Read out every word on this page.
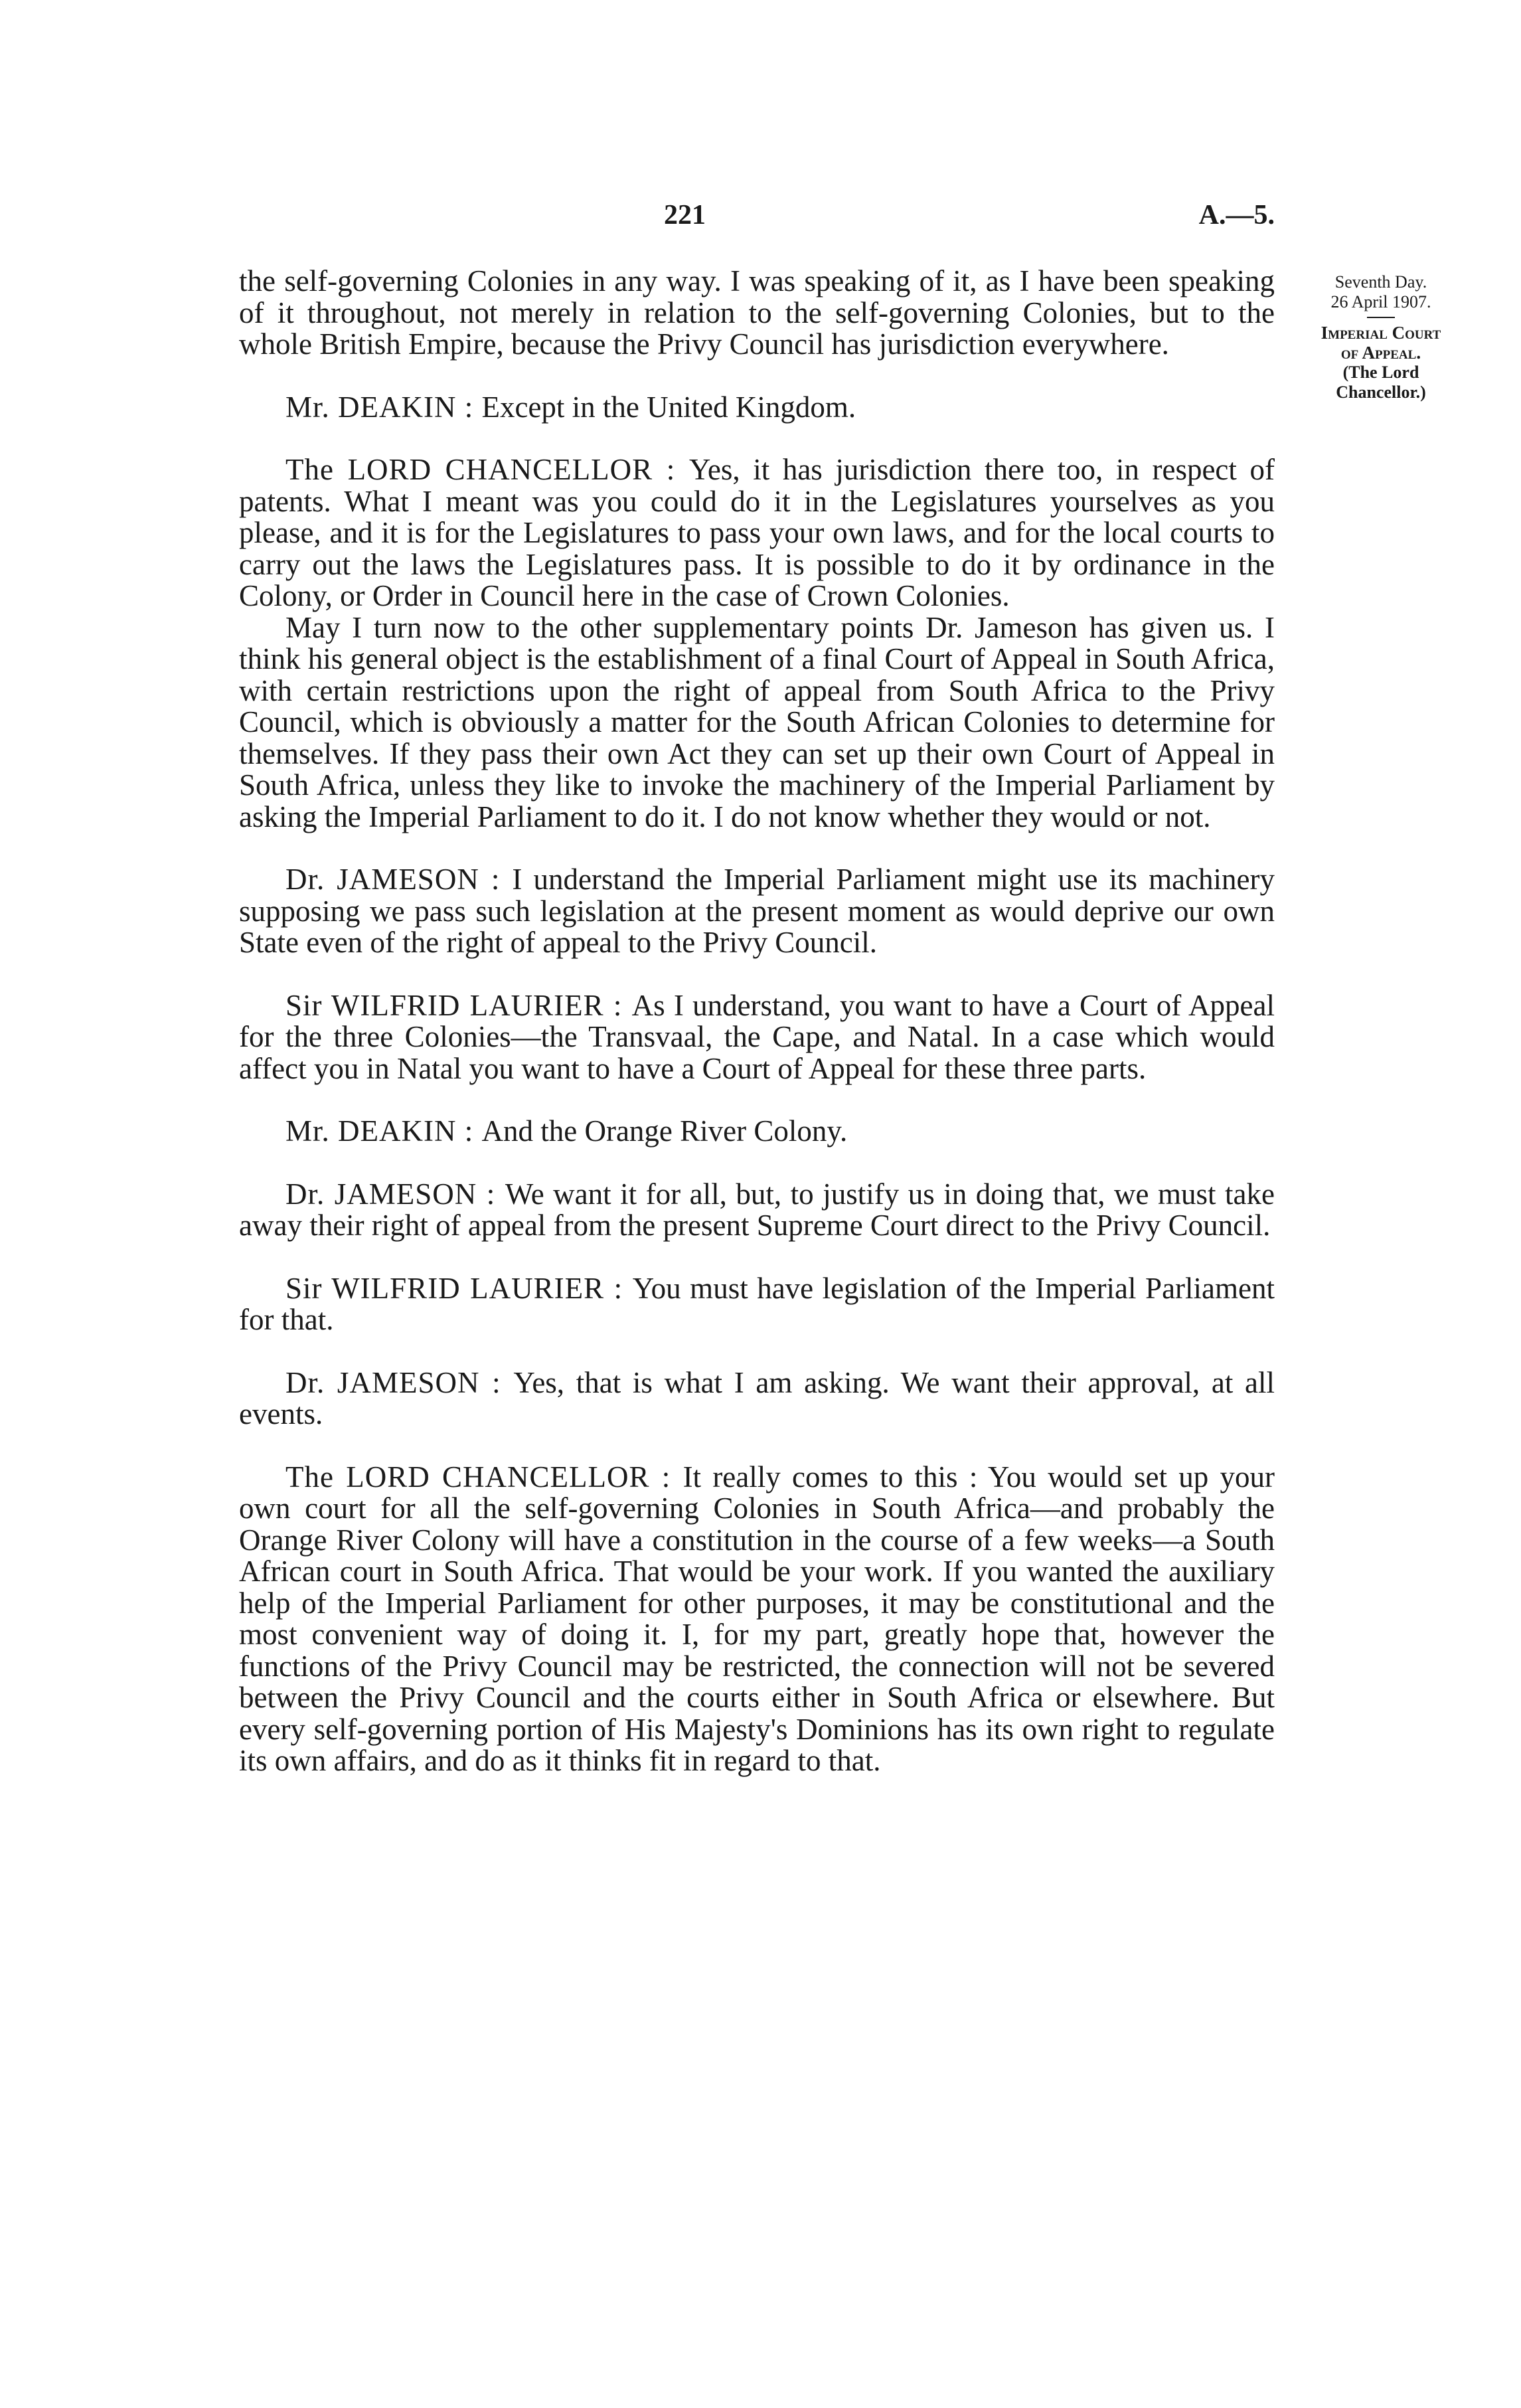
221	A.—5.
Seventh Day.
26 April 1907.
Imperial Court
of Appeal.
(The Lord
Chancellor.)

the self-governing Colonies in any way. I was speaking of it, as I have been speaking of it throughout, not merely in relation to the self-governing Colonies, but to the whole British Empire, because the Privy Council has jurisdiction everywhere.

Mr. DEAKIN : Except in the United Kingdom.

The LORD CHANCELLOR : Yes, it has jurisdiction there too, in respect of patents. What I meant was you could do it in the Legislatures yourselves as you please, and it is for the Legislatures to pass your own laws, and for the local courts to carry out the laws the Legislatures pass. It is possible to do it by ordinance in the Colony, or Order in Council here in the case of Crown Colonies.

May I turn now to the other supplementary points Dr. Jameson has given us. I think his general object is the establishment of a final Court of Appeal in South Africa, with certain restrictions upon the right of appeal from South Africa to the Privy Council, which is obviously a matter for the South African Colonies to determine for themselves. If they pass their own Act they can set up their own Court of Appeal in South Africa, unless they like to invoke the machinery of the Imperial Parliament by asking the Imperial Parliament to do it. I do not know whether they would or not.

Dr. JAMESON : I understand the Imperial Parliament might use its machinery supposing we pass such legislation at the present moment as would deprive our own State even of the right of appeal to the Privy Council.

Sir WILFRID LAURIER : As I understand, you want to have a Court of Appeal for the three Colonies—the Transvaal, the Cape, and Natal. In a case which would affect you in Natal you want to have a Court of Appeal for these three parts.

Mr. DEAKIN : And the Orange River Colony.

Dr. JAMESON : We want it for all, but, to justify us in doing that, we must take away their right of appeal from the present Supreme Court direct to the Privy Council.

Sir WILFRID LAURIER : You must have legislation of the Imperial Parliament for that.

Dr. JAMESON : Yes, that is what I am asking. We want their approval, at all events.

The LORD CHANCELLOR : It really comes to this : You would set up your own court for all the self-governing Colonies in South Africa—and probably the Orange River Colony will have a constitution in the course of a few weeks—a South African court in South Africa. That would be your work. If you wanted the auxiliary help of the Imperial Parliament for other purposes, it may be constitutional and the most convenient way of doing it. I, for my part, greatly hope that, however the functions of the Privy Council may be restricted, the connection will not be severed between the Privy Council and the courts either in South Africa or elsewhere. But every self-governing portion of His Majesty's Dominions has its own right to regulate its own affairs, and do as it thinks fit in regard to that.
